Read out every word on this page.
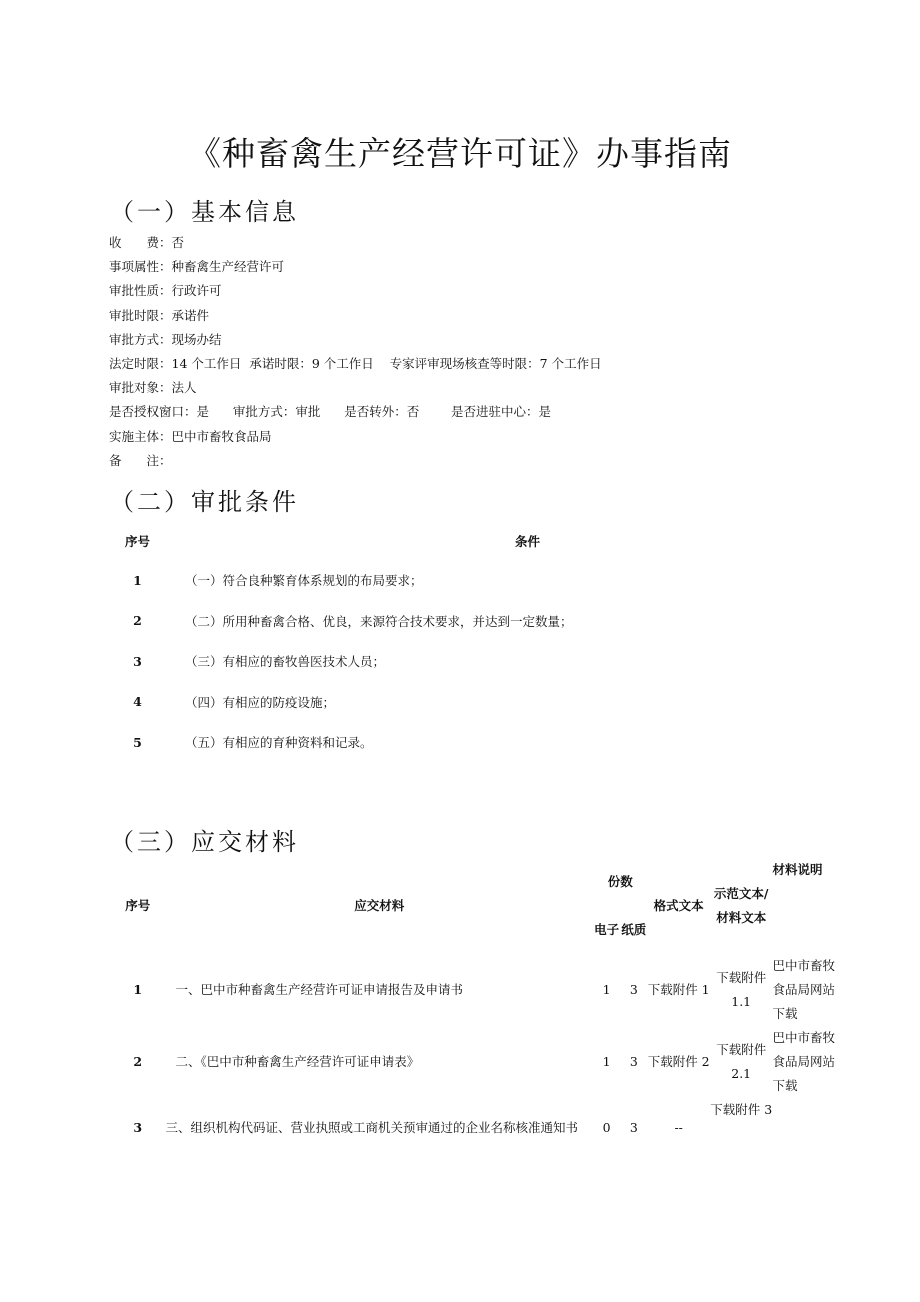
《种畜禽生产经营许可证》办事指南
（一）基本信息
收　　费：否
事项属性：种畜禽生产经营许可
审批性质：行政许可
审批时限：承诺件
审批方式：现场办结
法定时限：14 个工作日  承诺时限：9 个工作日    专家评审现场核查等时限：7 个工作日
审批对象：法人
是否授权窗口：是      审批方式：审批      是否转外：否        是否进驻中心：是
实施主体：巴中市畜牧食品局
备　　注：
（二）审批条件
序号	条件
1	（一）符合良种繁育体系规划的布局要求；
2	（二）所用种畜禽合格、优良，来源符合技术要求，并达到一定数量；
3	（三）有相应的畜牧兽医技术人员；
4	（四）有相应的防疫设施；
5	（五）有相应的育种资料和记录。
（三）应交材料
序号	应交材料	份数		格式文本	示范文本/材料文本	材料说明
		电子	纸质			
1	一、巴中市种畜禽生产经营许可证申请报告及申请书	1	3	下载附件 1	下载附件 1.1	巴中市畜牧食品局网站下载
2	二、《巴中市种畜禽生产经营许可证申请表》	1	3	下载附件 2	下载附件 2.1	巴中市畜牧食品局网站下载
3	三、组织机构代码证、营业执照或工商机关预审通过的企业名称核准通知书	0	3	--	下载附件 3	
